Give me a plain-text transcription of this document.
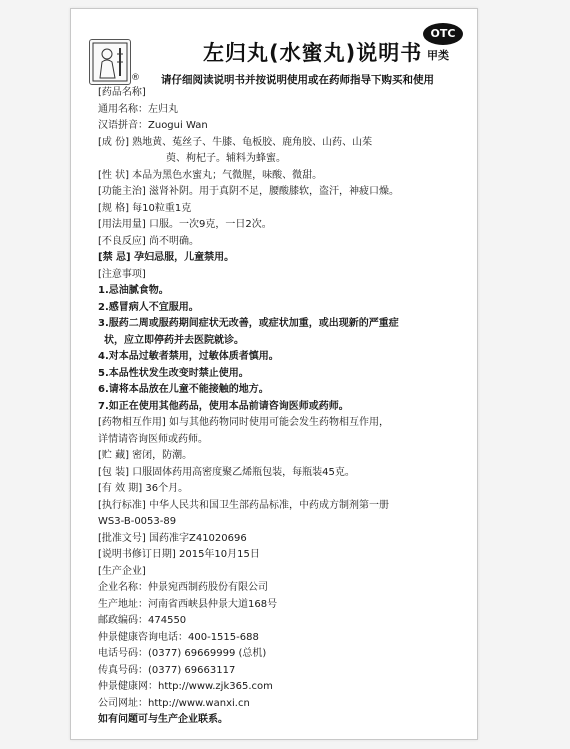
®
左归丸(水蜜丸)说明书
OTC
甲类
请仔细阅读说明书并按说明使用或在药师指导下购买和使用
[药品名称]
通用名称：左归丸
汉语拼音：Zuogui Wan
[成 份] 熟地黄、菟丝子、牛膝、龟板胶、鹿角胶、山药、山茱
萸、枸杞子。辅料为蜂蜜。
[性 状] 本品为黑色水蜜丸；气微腥，味酸、微甜。
[功能主治] 滋肾补阴。用于真阴不足，腰酸膝软，盗汗，神疲口燥。
[规 格] 每10粒重1克
[用法用量] 口服。一次9克，一日2次。
[不良反应] 尚不明确。
[禁 忌] 孕妇忌服，儿童禁用。
[注意事项]
1.忌油腻食物。
2.感冒病人不宜服用。
3.服药二周或服药期间症状无改善，或症状加重，或出现新的严重症
状，应立即停药并去医院就诊。
4.对本品过敏者禁用，过敏体质者慎用。
5.本品性状发生改变时禁止使用。
6.请将本品放在儿童不能接触的地方。
7.如正在使用其他药品，使用本品前请咨询医师或药师。
[药物相互作用] 如与其他药物同时使用可能会发生药物相互作用，
详情请咨询医师或药师。
[贮 藏] 密闭，防潮。
[包 装] 口服固体药用高密度聚乙烯瓶包装，每瓶装45克。
[有 效 期] 36个月。
[执行标准] 中华人民共和国卫生部药品标准，中药成方制剂第一册
WS3-B-0053-89
[批准文号] 国药准字Z41020696
[说明书修订日期] 2015年10月15日
[生产企业]
企业名称：仲景宛西制药股份有限公司
生产地址：河南省西峡县仲景大道168号
邮政编码：474550
仲景健康咨询电话：400-1515-688
电话号码：(0377) 69669999 (总机)
传真号码：(0377) 69663117
仲景健康网：http://www.zjk365.com
公司网址：http://www.wanxi.cn
如有问题可与生产企业联系。
